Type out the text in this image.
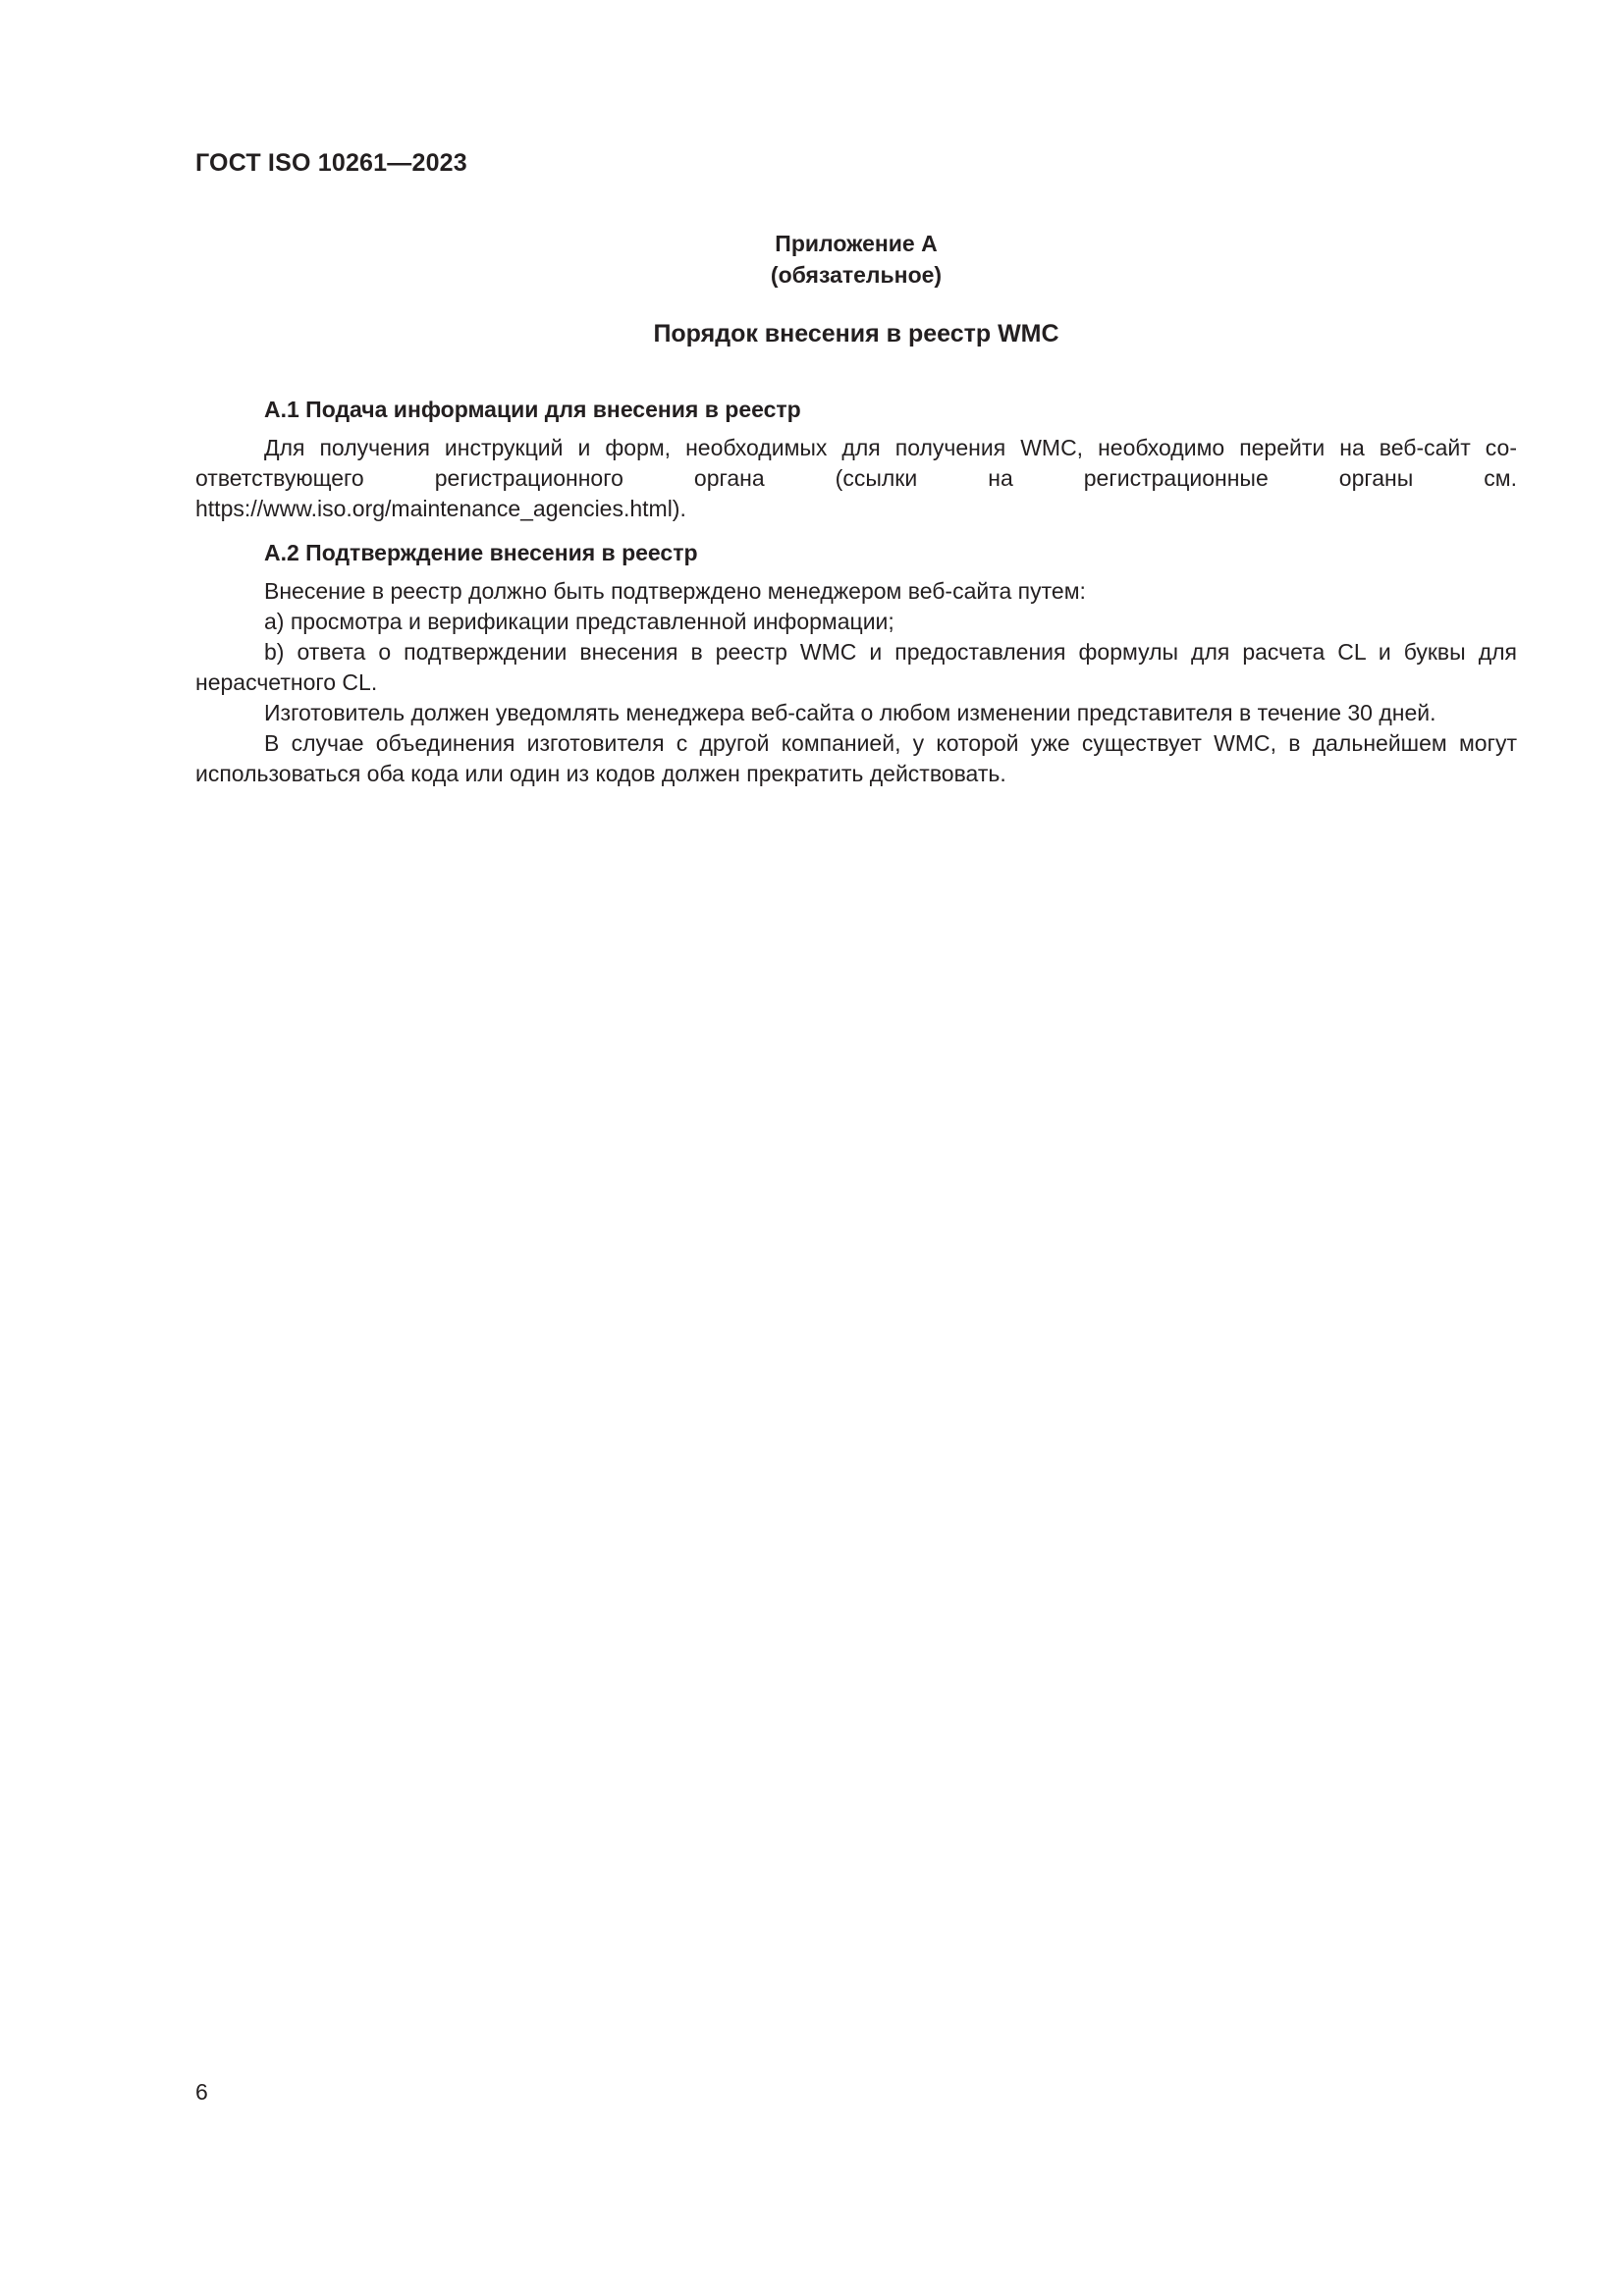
ГОСТ ISO 10261—2023
Приложение А
(обязательное)
Порядок внесения в реестр WMC
А.1 Подача информации для внесения в реестр

Для получения инструкций и форм, необходимых для получения WMC, необходимо перейти на веб-сайт со-ответствующего регистрационного органа (ссылки на регистрационные органы см. https://www.iso.org/maintenance_agencies.html).

А.2 Подтверждение внесения в реестр

Внесение в реестр должно быть подтверждено менеджером веб-сайта путем:

a) просмотра и верификации представленной информации;

b) ответа о подтверждении внесения в реестр WMC и предоставления формулы для расчета CL и буквы для нерасчетного CL.

Изготовитель должен уведомлять менеджера веб-сайта о любом изменении представителя в течение 30 дней.

В случае объединения изготовителя с другой компанией, у которой уже существует WMC, в дальнейшем могут использоваться оба кода или один из кодов должен прекратить действовать.

6
